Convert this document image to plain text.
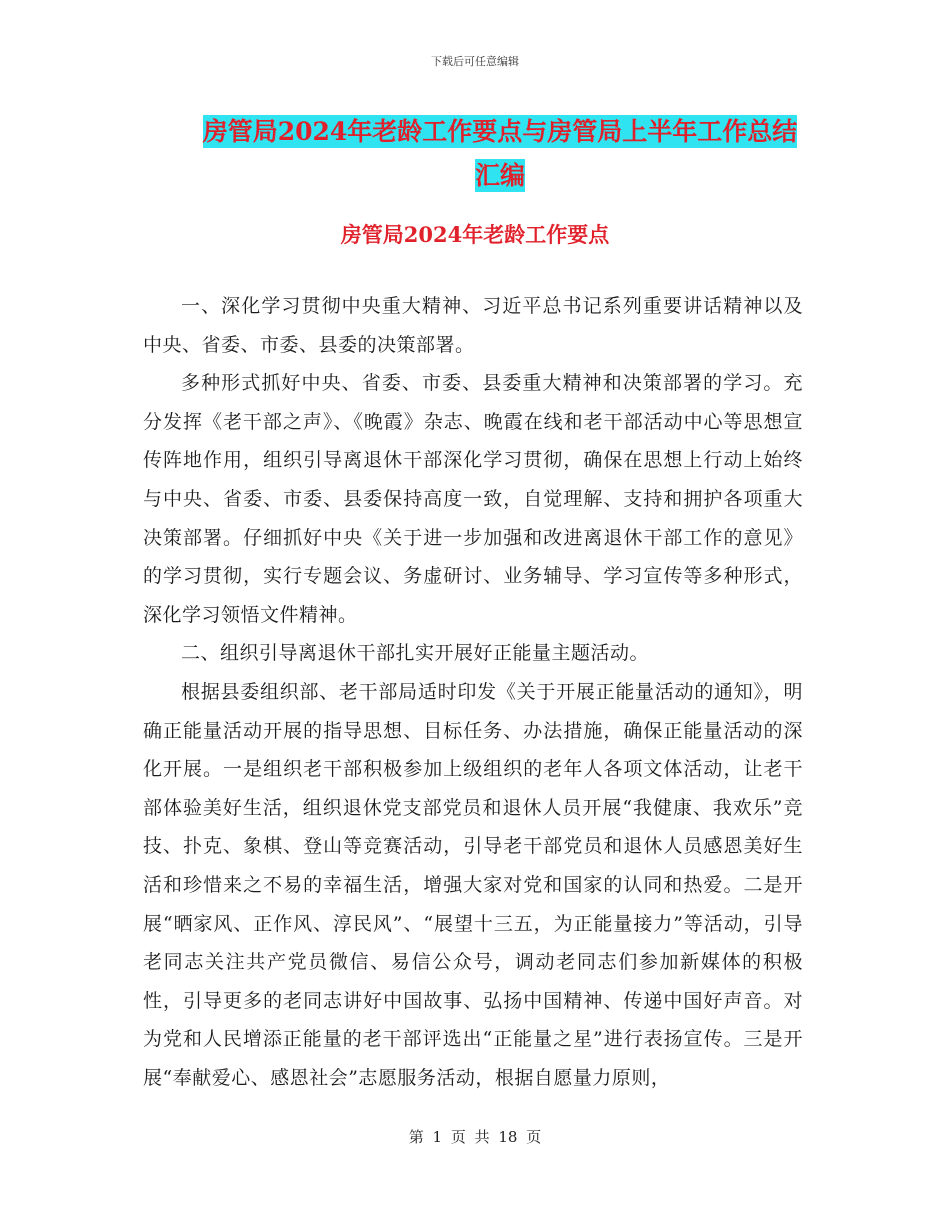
下载后可任意编辑
房管局2024年老龄工作要点与房管局上半年工作总结
汇编
房管局2024年老龄工作要点

一、深化学习贯彻中央重大精神、习近平总书记系列重要讲话精神以及中央、省委、市委、县委的决策部署。

多种形式抓好中央、省委、市委、县委重大精神和决策部署的学习。充分发挥《老干部之声》、《晚霞》杂志、晚霞在线和老干部活动中心等思想宣传阵地作用，组织引导离退休干部深化学习贯彻，确保在思想上行动上始终与中央、省委、市委、县委保持高度一致，自觉理解、支持和拥护各项重大决策部署。仔细抓好中央《关于进一步加强和改进离退休干部工作的意见》的学习贯彻，实行专题会议、务虚研讨、业务辅导、学习宣传等多种形式，深化学习领悟文件精神。

二、组织引导离退休干部扎实开展好正能量主题活动。

根据县委组织部、老干部局适时印发《关于开展正能量活动的通知》，明确正能量活动开展的指导思想、目标任务、办法措施，确保正能量活动的深化开展。一是组织老干部积极参加上级组织的老年人各项文体活动，让老干部体验美好生活，组织退休党支部党员和退休人员开展“我健康、我欢乐”竞技、扑克、象棋、登山等竞赛活动，引导老干部党员和退休人员感恩美好生活和珍惜来之不易的幸福生活，增强大家对党和国家的认同和热爱。二是开展“晒家风、正作风、淳民风”、“展望十三五，为正能量接力”等活动，引导老同志关注共产党员微信、易信公众号，调动老同志们参加新媒体的积极性，引导更多的老同志讲好中国故事、弘扬中国精神、传递中国好声音。对为党和人民增添正能量的老干部评选出“正能量之星”进行表扬宣传。三是开展“奉献爱心、感恩社会”志愿服务活动，根据自愿量力原则，

第 1 页 共 18 页
